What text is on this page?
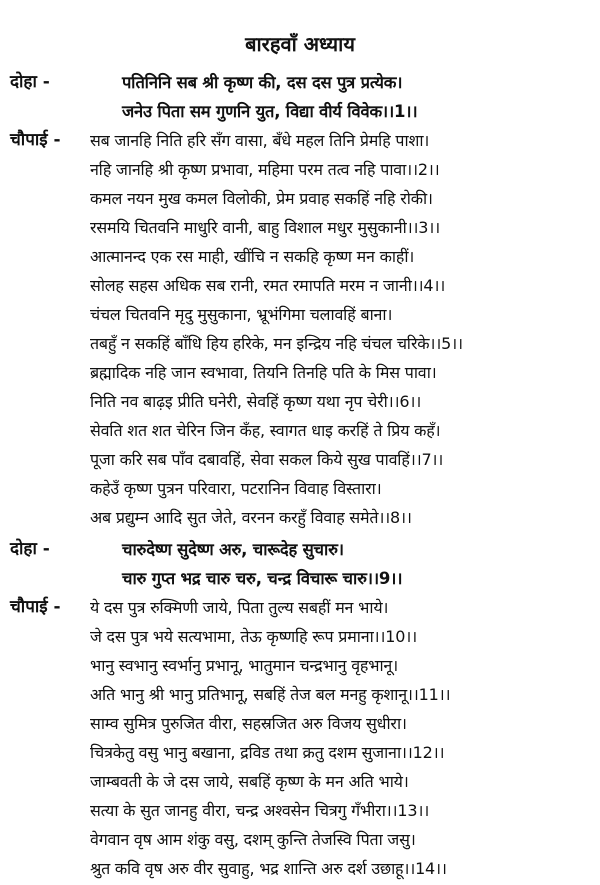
बारहवाँ अध्याय
दोहा -	पतिनिनि सब श्री कृष्ण की, दस दस पुत्र प्रत्येक।
जनेउ पिता सम गुणनि युत, विद्या वीर्य विवेक।।1।।
चौपाई - सब जानहि निति हरि सँग वासा, बँधे महल तिनि प्रेमहि पाशा।
नहि जानहि श्री कृष्ण प्रभावा, महिमा परम तत्व नहि पावा।।2।।
कमल नयन मुख कमल विलोकी, प्रेम प्रवाह सकहिं नहि रोकी।
रसमयि चितवनि माधुरि वानी, बाहु विशाल मधुर मुसुकानी।।3।।
आत्मानन्द एक रस माही, खींचि न सकहि कृष्ण मन काहीं।
सोलह सहस अधिक सब रानी, रमत रमापति मरम न जानी।।4।।
चंचल चितवनि मृदु मुसुकाना, भ्रूभंगिमा चलावहिं बाना।
तबहुँ न सकहिं बाँधि हिय हरिके, मन इन्द्रिय नहि चंचल चरिके।।5।।
ब्रह्मादिक नहि जान स्वभावा, तियनि तिनहि पति के मिस पावा।
निति नव बाढ़इ प्रीति घनेरी, सेवहिं कृष्ण यथा नृप चेरी।।6।।
सेवति शत शत चेरिन जिन कँह, स्वागत धाइ करहिं ते प्रिय कहँ।
पूजा करि सब पाँव दबावहिं, सेवा सकल किये सुख पावहिं।।7।।
कहेउँ कृष्ण पुत्रन परिवारा, पटरानिन विवाह विस्तारा।
अब प्रद्युम्न आदि सुत जेते, वरनन करहुँ विवाह समेते।।8।।
दोहा -	चारुदेष्ण सुदेष्ण अरु, चारूदेह सुचारु।
चारु गुप्त भद्र चारु चरु, चन्द्र विचारू चारु।।9।।
चौपाई - ये दस पुत्र रुक्मिणी जाये, पिता तुल्य सबहीं मन भाये।
जे दस पुत्र भये सत्यभामा, तेऊ कृष्णहि रूप प्रमाना।।10।।
भानु स्वभानु स्वर्भानु प्रभानू, भातुमान चन्द्रभानु वृहभानू।
अति भानु श्री भानु प्रतिभानू, सबहिं तेज बल मनहु कृशानू।।11।।
साम्व सुमित्र पुरुजित वीरा, सहस्रजित अरु विजय सुधीरा।
चित्रकेतु वसु भानु बखाना, द्रविड तथा क्रतु दशम सुजाना।।12।।
जाम्बवती के जे दस जाये, सबहिं कृष्ण के मन अति भाये।
सत्या के सुत जानहु वीरा, चन्द्र अश्वसेन चित्रगु गँभीरा।।13।।
वेगवान वृष आम शंकु वसु, दशम् कुन्ति तेजस्वि पिता जसु।
श्रुत कवि वृष अरु वीर सुवाहु, भद्र शान्ति अरु दर्श उछाहू।।14।।
